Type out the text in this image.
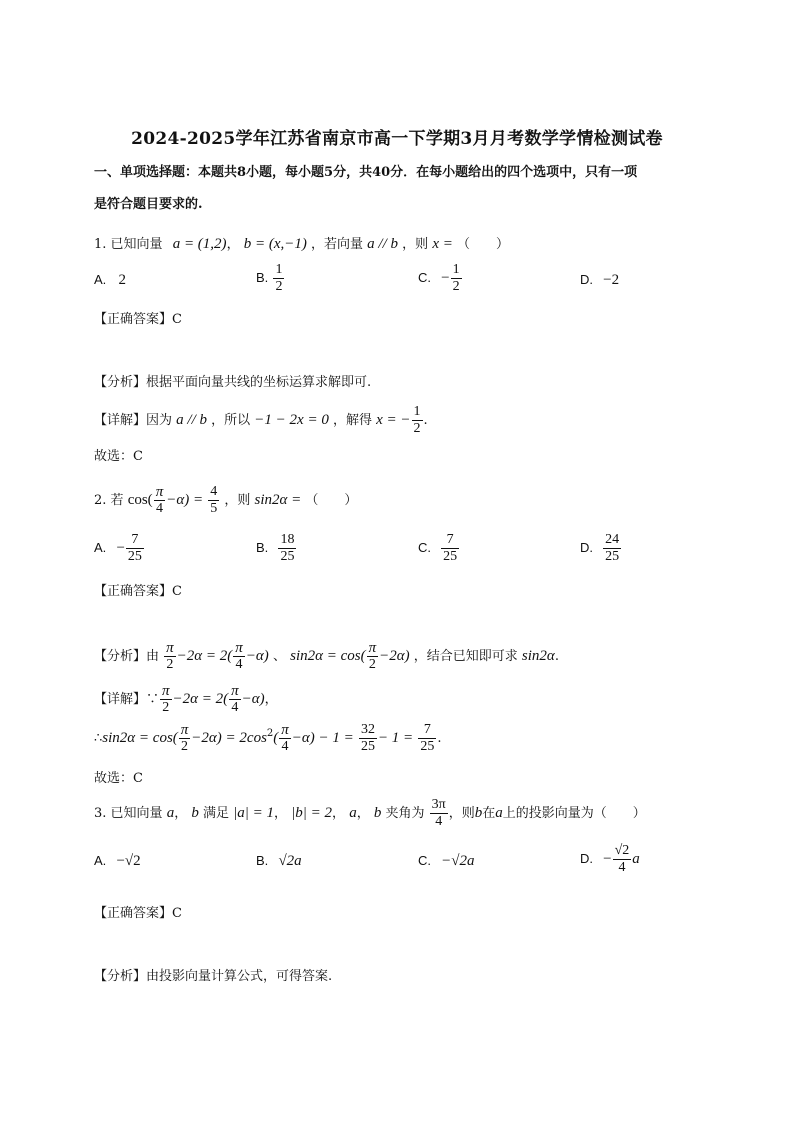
2024-2025学年江苏省南京市高一下学期3月月考数学学情检测试卷
一、单项选择题：本题共8小题，每小题5分，共40分．在每小题给出的四个选项中，只有一项
是符合题目要求的.
1. 已知向量 a = (1,2)， b = (x,−1) ，若向量 a // b ，则 x = （　　）
A. 2	B. $\frac{1}{2}$	C. − $\frac{1}{2}$	D. −2
【正确答案】C
【分析】根据平面向量共线的坐标运算求解即可.
【详解】因为 a // b ，所以 −1 − 2x = 0 ，解得 x = − $\frac{1}{2}$ .
故选：C
2. 若 $\cos( \frac{\pi}{4} -\alpha) = \frac{4}{5}$ ，则 sin2α = （　　）
A. − $\frac{7}{25}$	B. $\frac{18}{25}$	C. $\frac{7}{25}$	D. $\frac{24}{25}$
【正确答案】C
【分析】由 $\frac{\pi}{2} -2\alpha = 2( \frac{\pi}{4} -\alpha)$ 、 $\sin 2\alpha = \cos( \frac{\pi}{2} -2\alpha)$ ，结合已知即可求 sin2α.
【详解】∵ $\frac{\pi}{2} -2\alpha = 2( \frac{\pi}{4} -\alpha)$，
∴sin2α = $\cos( \frac{\pi}{2} -2\alpha) = 2\cos^2( \frac{\pi}{4} -\alpha) - 1 = \frac{32}{25} - 1 = \frac{7}{25}$ .
故选：C
3. 已知向量 a， b 满足 |a| = 1， |b| = 2， a， b 夹角为 $\frac{3\pi}{4}$ ，则b在a上的投影向量为（　　）
A. −√2	B. √2a	C. −√2a	D. − $\frac{√2}{4}$ a
【正确答案】C
【分析】由投影向量计算公式，可得答案.
